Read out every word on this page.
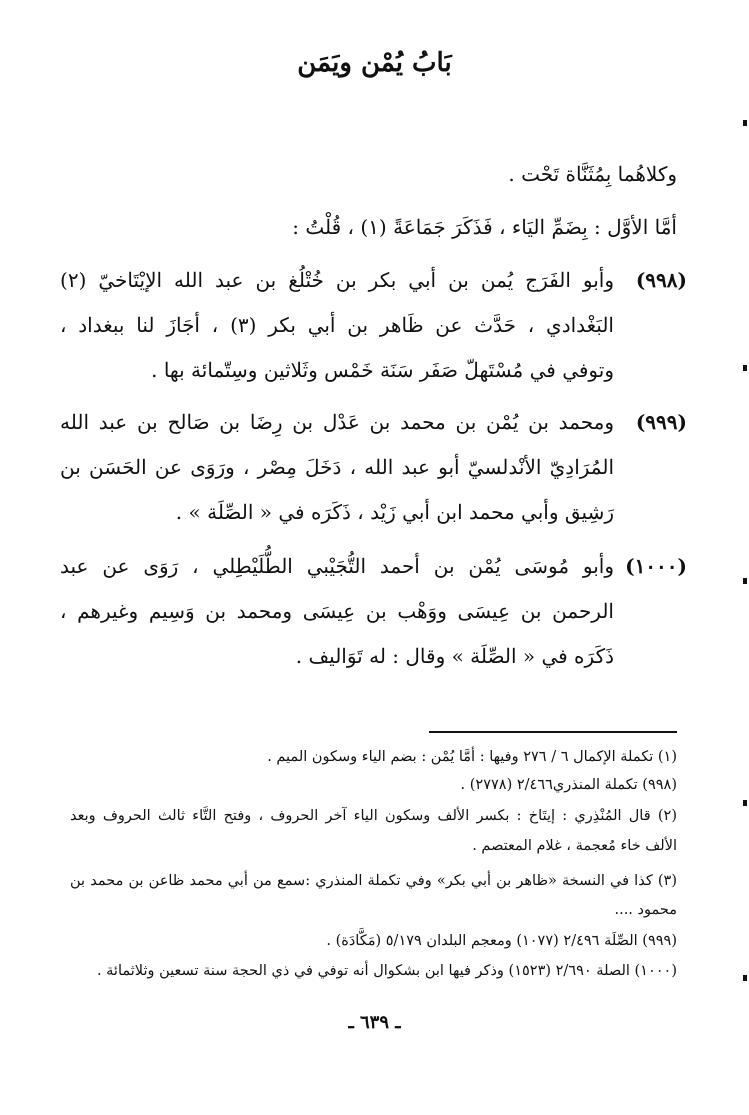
بَابُ يُمْن ويَمَن
وكلاهُما بِمُثَنَّاة تَحْت .
أمَّا الأوَّل : بِضَمِّ اليَاء ، فَذَكَرَ جَمَاعَةً (١) ، قُلْتُ :
(٩٩٨)
وأبو الفَرَج يُمن بن أبي بكر بن خُتْلُغ بن عبد الله الإيْتَاخيّ (٢)
البَغْدادي ، حَدَّث عن ظَاهر بن أبي بكر (٣) ، أجَازَ لنا ببغداد ،
وتوفي في مُسْتَهلّ صَفَر سَنَة خَمْس وثَلاثين وسِتّمائة بها .
(٩٩٩)
ومحمد بن يُمْن بن محمد بن عَدْل بن رِضَا بن صَالح بن عبد الله
المُرَادِيّ الأنْدلسيّ أبو عبد الله ، دَخَلَ مِصْر ، ورَوَى عن الحَسَن بن
رَشِيق وأبي محمد ابن أبي زَيْد ، ذَكَرَه في « الصِّلَة » .
(١٠٠٠)
وأبو مُوسَى يُمْن بن أحمد التُّجَيْبي الطُّلَيْطِلي ، رَوَى عن عبد
الرحمن بن عِيسَى ووَهْب بن عِيسَى ومحمد بن وَسِيم وغيرهم ،
ذَكَرَه في « الصِّلَة » وقال : له تَوَاليف .
(١) تكملة الإكمال ٦ / ٢٧٦ وفيها : أمَّا يُمْن : بضم الياء وسكون الميم .
(٩٩٨) تكملة المنذري٢/٤٦٦ (٢٧٧٨) .
(٢) قال المُنْذِري : إيتَاخ : بكسر الألف وسكون الياء آخر الحروف ، وفتح التَّاء ثالث الحروف وبعد
الألف خاء مُعجمة ، غلام المعتصم .
(٣) كذا في النسخة «ظاهر بن أبي بكر» وفي تكملة المنذري :سمع من أبي محمد ظاعن بن محمد بن
محمود ....
(٩٩٩) الصِّلَة ٢/٤٩٦ (١٠٧٧) ومعجم البلدان ٥/١٧٩ (مَكَّادَة) .
(١٠٠٠) الصلة ٢/٦٩٠ (١٥٢٣) وذكر فيها ابن بشكوال أنه توفي في ذي الحجة سنة تسعين وثلاثمائة .
ـ ٦٣٩ ـ
